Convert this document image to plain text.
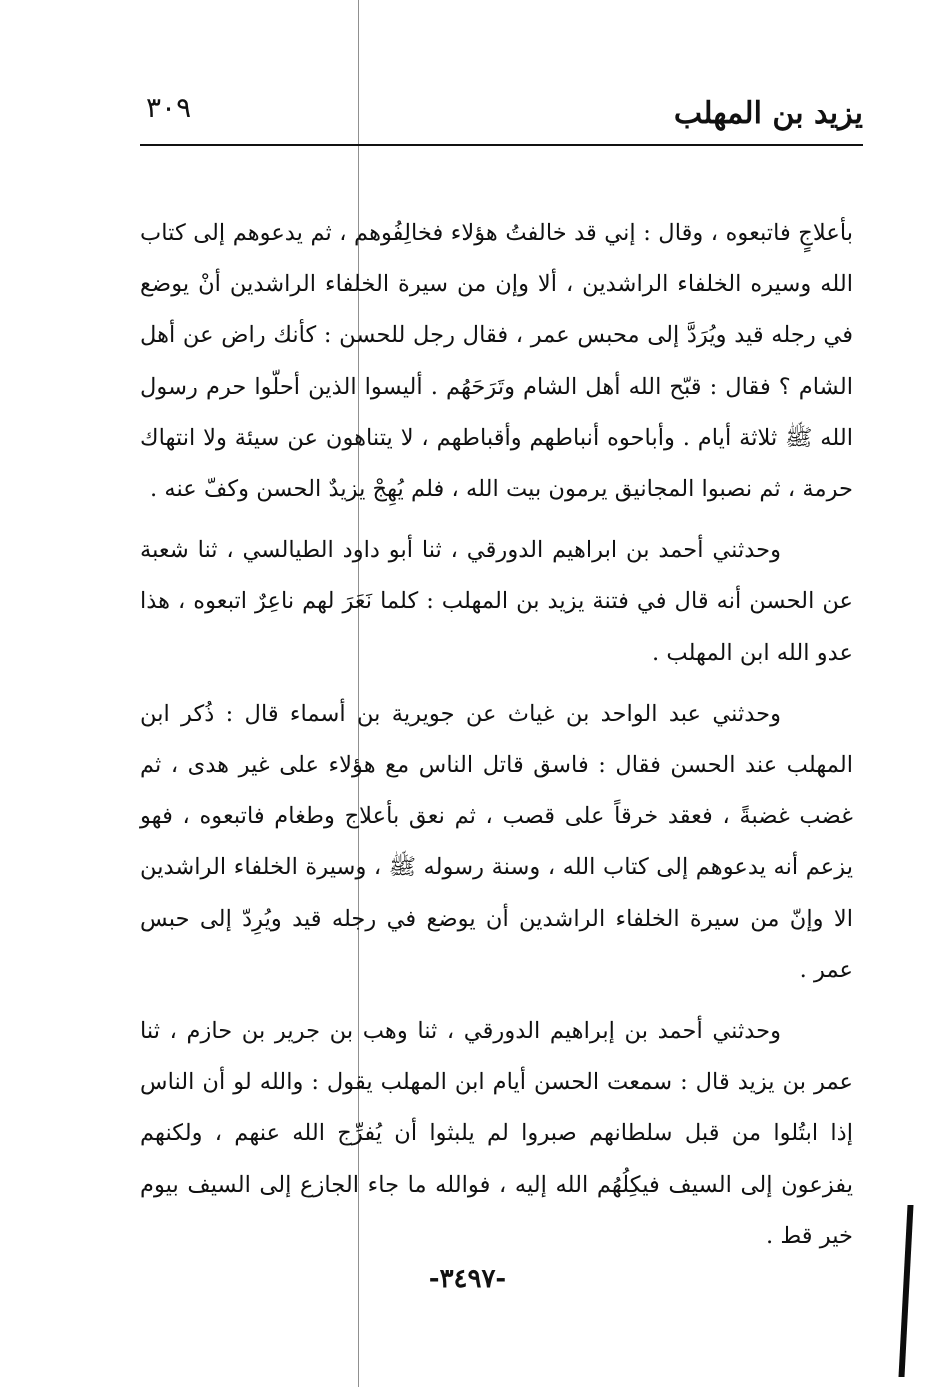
يزيد بن المهلب
٣٠٩

بأعلاجٍ فاتبعوه ، وقال : إني قد خالفتُ هؤلاء فخالِفُوهم ، ثم يدعوهم إلى كتاب الله وسيره الخلفاء الراشدين ، ألا وإن من سيرة الخلفاء الراشدين أنْ يوضع في رجله قيد ويُرَدَّ إلى محبس عمر ، فقال رجل للحسن : كأنك راض عن أهل الشام ؟ فقال : قبّح الله أهل الشام وتَرَحَهُم . أليسوا الذين أحلّوا حرم رسول الله ﷺ ثلاثة أيام . وأباحوه أنباطهم وأقباطهم ، لا يتناهون عن سيئة ولا انتهاك حرمة ، ثم نصبوا المجانيق يرمون بيت الله ، فلم يُهِجْ يزيدٌ الحسن وكفّ عنه .

وحدثني أحمد بن ابراهيم الدورقي ، ثنا أبو داود الطيالسي ، ثنا شعبة عن الحسن أنه قال في فتنة يزيد بن المهلب : كلما نَعَرَ لهم ناعِرٌ اتبعوه ، هذا عدو الله ابن المهلب .

وحدثني عبد الواحد بن غياث عن جويرية بن أسماء قال : ذُكر ابن المهلب عند الحسن فقال : فاسق قاتل الناس مع هؤلاء على غير هدى ، ثم غضب غضبةً ، فعقد خرقاً على قصب ، ثم نعق بأعلاج وطغام فاتبعوه ، فهو يزعم أنه يدعوهم إلى كتاب الله ، وسنة رسوله ﷺ ، وسيرة الخلفاء الراشدين الا وإنّ من سيرة الخلفاء الراشدين أن يوضع في رجله قيد ويُرِدّ إلى حبس عمر .

وحدثني أحمد بن إبراهيم الدورقي ، ثنا وهب بن جرير بن حازم ، ثنا عمر بن يزيد قال : سمعت الحسن أيام ابن المهلب يقول : والله لو أن الناس إذا ابتُلوا من قبل سلطانهم صبروا لم يلبثوا أن يُفرِّج الله عنهم ، ولكنهم يفزعون إلى السيف فيكِلُهُم الله إليه ، فوالله ما جاء الجازع إلى السيف بيوم خير قط .

-٣٤٩٧-
